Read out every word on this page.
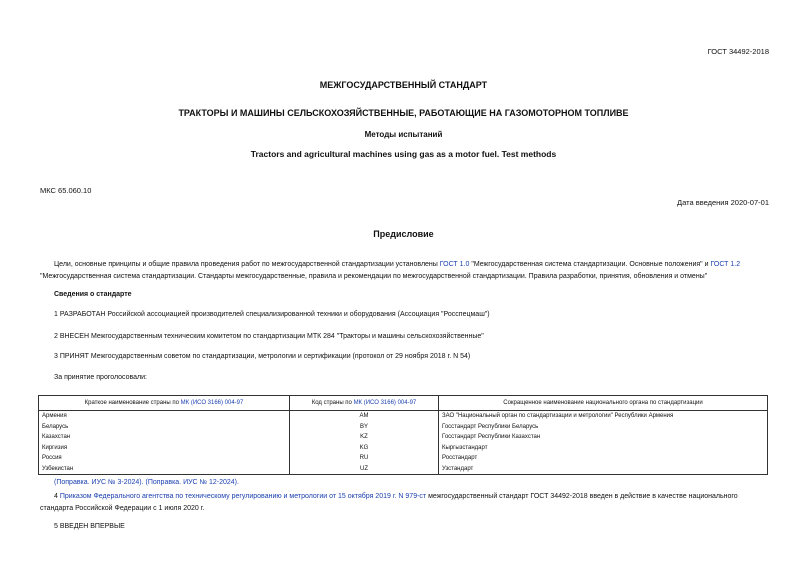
ГОСТ 34492-2018
МЕЖГОСУДАРСТВЕННЫЙ СТАНДАРТ
ТРАКТОРЫ И МАШИНЫ СЕЛЬСКОХОЗЯЙСТВЕННЫЕ, РАБОТАЮЩИЕ НА ГАЗОМОТОРНОМ ТОПЛИВЕ
Методы испытаний
Tractors and agricultural machines using gas as a motor fuel. Test methods
МКС 65.060.10
Дата введения 2020-07-01
Предисловие

Цели, основные принципы и общие правила проведения работ по межгосударственной стандартизации установлены ГОСТ 1.0 "Межгосударственная система стандартизации. Основные положения" и ГОСТ 1.2 "Межгосударственная система стандартизации. Стандарты межгосударственные, правила и рекомендации по межгосударственной стандартизации. Правила разработки, принятия, обновления и отмены"

Сведения о стандарте
1 РАЗРАБОТАН Российской ассоциацией производителей специализированной техники и оборудования (Ассоциация "Росспецмаш")
2 ВНЕСЕН Межгосударственным техническим комитетом по стандартизации МТК 284 "Тракторы и машины сельскохозяйственные"
3 ПРИНЯТ Межгосударственным советом по стандартизации, метрологии и сертификации (протокол от 29 ноября 2018 г. N 54)
За принятие проголосовали:
Краткое наименование страны по МК (ИСО 3166) 004-97	Код страны по МК (ИСО 3166) 004-97	Сокращенное наименование национального органа по стандартизации
Армения	AM	ЗАО "Национальный орган по стандартизации и метрологии" Республики Армения
Беларусь	BY	Госстандарт Республики Беларусь
Казахстан	KZ	Госстандарт Республики Казахстан
Киргизия	KG	Кыргызстандарт
Россия	RU	Росстандарт
Узбекистан	UZ	Узстандарт
(Поправка. ИУС № 3-2024). (Поправка. ИУС № 12-2024).

4 Приказом Федерального агентства по техническому регулированию и метрологии от 15 октября 2019 г. N 979-ст межгосударственный стандарт ГОСТ 34492-2018 введен в действие в качестве национального стандарта Российской Федерации с 1 июля 2020 г.

5 ВВЕДЕН ВПЕРВЫЕ
